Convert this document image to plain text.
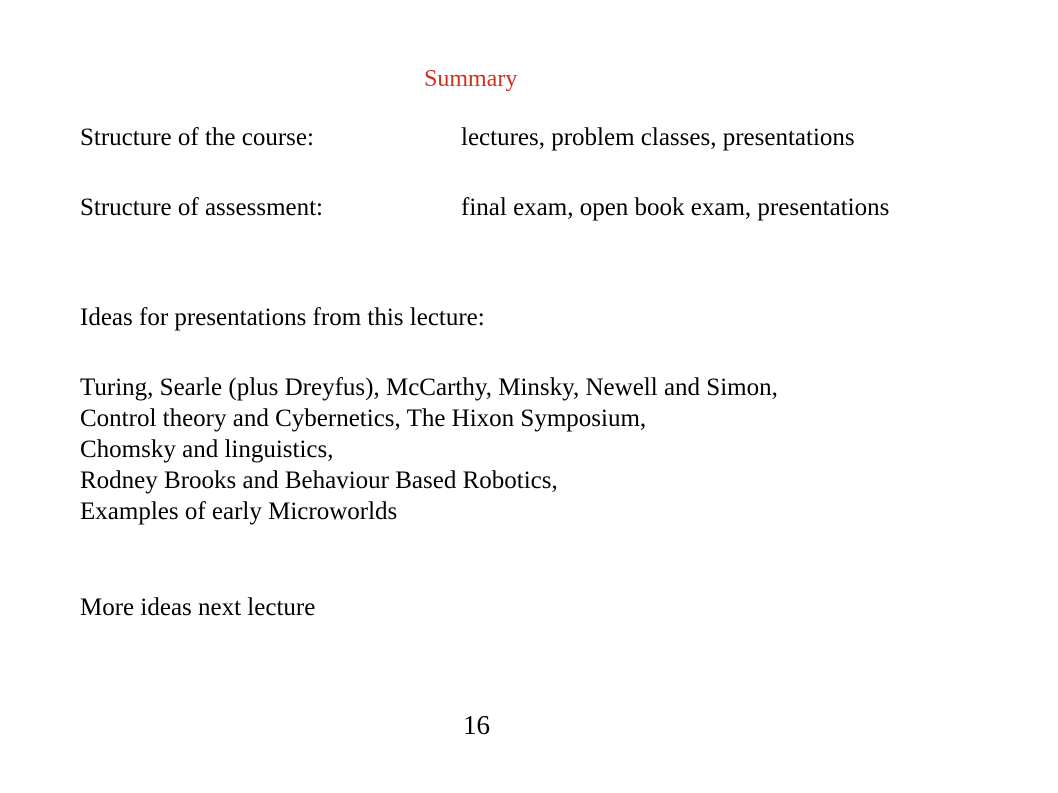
Summary
Structure of the course:	lectures, problem classes, presentations
Structure of assessment:	final exam, open book exam, presentations
Ideas for presentations from this lecture:
Turing, Searle (plus Dreyfus), McCarthy, Minsky, Newell and Simon,
Control theory and Cybernetics, The Hixon Symposium,
Chomsky and linguistics,
Rodney Brooks and Behaviour Based Robotics,
Examples of early Microworlds
More ideas next lecture
16
